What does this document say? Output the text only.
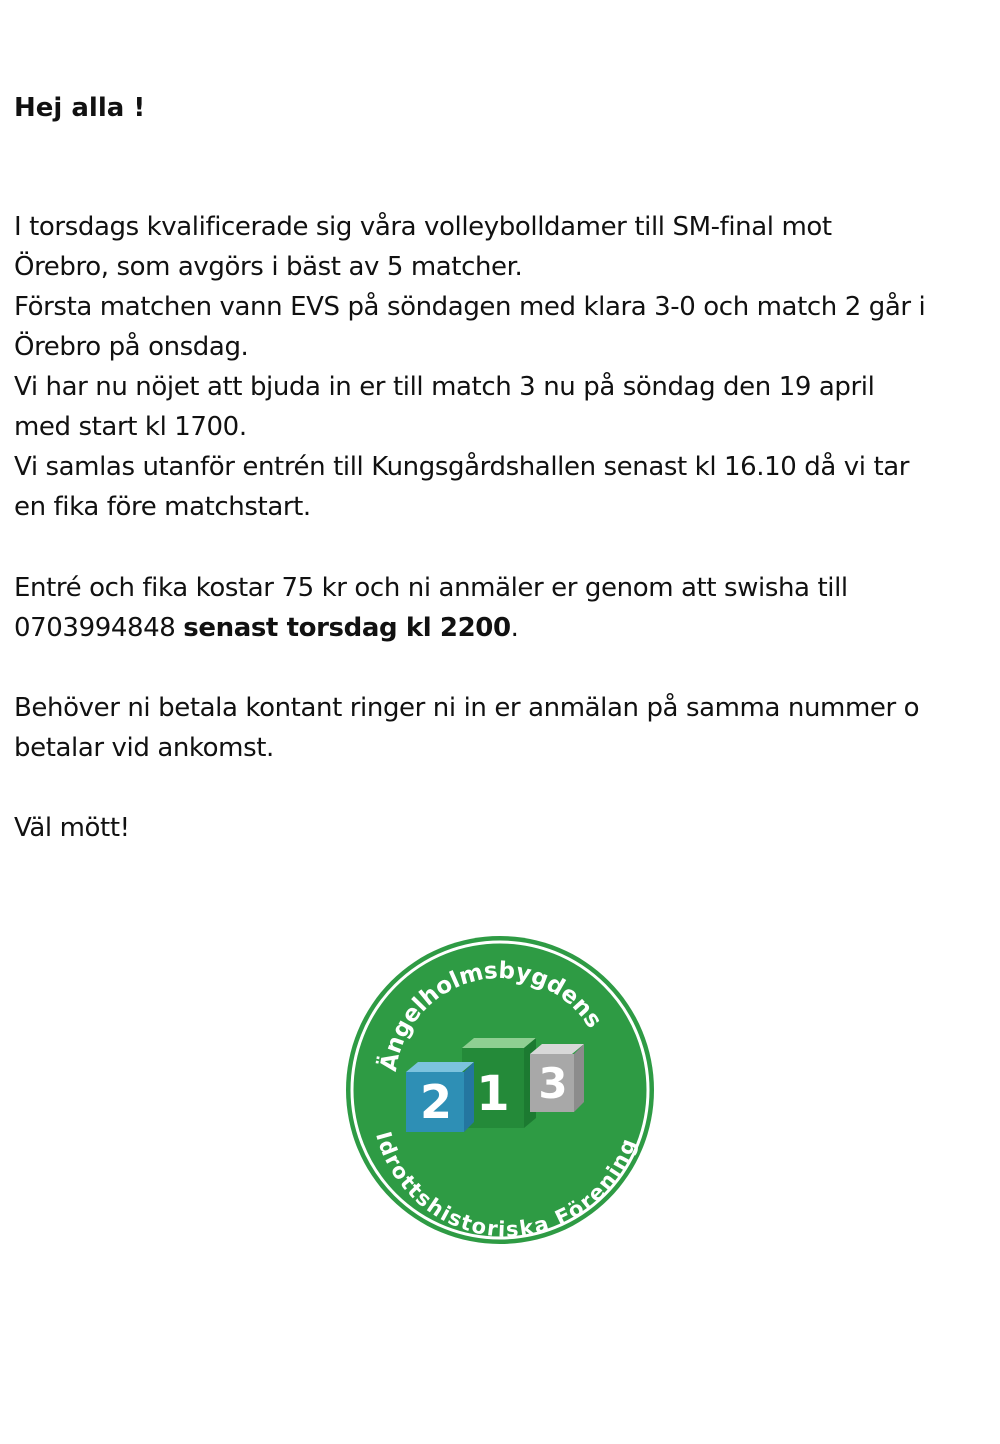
Hej alla !
I torsdags kvalificerade sig våra volleybolldamer till SM-final mot
Örebro, som avgörs i bäst av 5 matcher.
Första matchen vann EVS på söndagen med klara 3-0 och match 2 går i
Örebro på onsdag.
Vi har nu nöjet att bjuda in er till match 3 nu på söndag den 19 april
med start kl 1700.
Vi samlas utanför entrén till Kungsgårdshallen senast kl 16.10 då vi tar
en fika före matchstart.
Entré och fika kostar 75 kr och ni anmäler er genom att swisha till
0703994848 senast torsdag kl 2200.
Behöver ni betala kontant ringer ni in er anmälan på samma nummer o
betalar vid ankomst.
Väl mött!
Ängelholmsbygdens
1
2 3
Idrottshistoriska Förening
